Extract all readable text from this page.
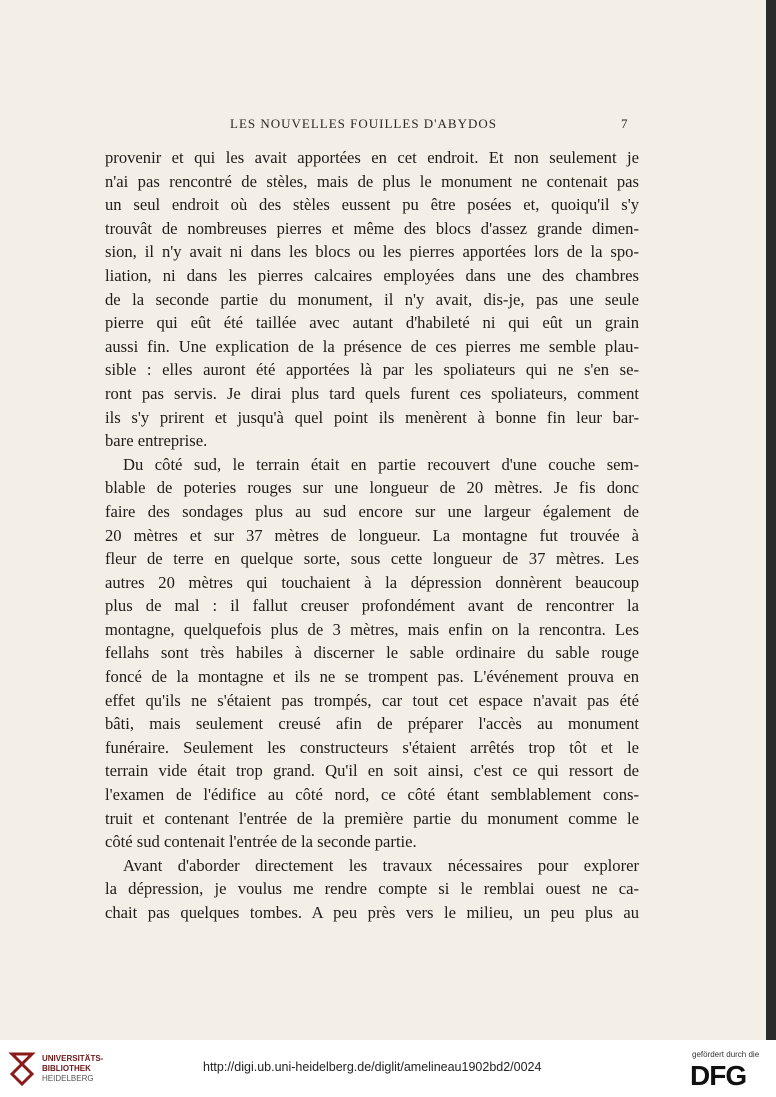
LES NOUVELLES FOUILLES D'ABYDOS	7
provenir et qui les avait apportées en cet endroit. Et non seulement je
n'ai pas rencontré de stèles, mais de plus le monument ne contenait pas
un seul endroit où des stèles eussent pu être posées et, quoiqu'il s'y
trouvât de nombreuses pierres et même des blocs d'assez grande dimen-
sion, il n'y avait ni dans les blocs ou les pierres apportées lors de la spo-
liation, ni dans les pierres calcaires employées dans une des chambres
de la seconde partie du monument, il n'y avait, dis-je, pas une seule
pierre qui eût été taillée avec autant d'habileté ni qui eût un grain
aussi fin. Une explication de la présence de ces pierres me semble plau-
sible : elles auront été apportées là par les spoliateurs qui ne s'en se-
ront pas servis. Je dirai plus tard quels furent ces spoliateurs, comment
ils s'y prirent et jusqu'à quel point ils menèrent à bonne fin leur bar-
bare entreprise.
Du côté sud, le terrain était en partie recouvert d'une couche sem-
blable de poteries rouges sur une longueur de 20 mètres. Je fis donc
faire des sondages plus au sud encore sur une largeur également de
20 mètres et sur 37 mètres de longueur. La montagne fut trouvée à
fleur de terre en quelque sorte, sous cette longueur de 37 mètres. Les
autres 20 mètres qui touchaient à la dépression donnèrent beaucoup
plus de mal : il fallut creuser profondément avant de rencontrer la
montagne, quelquefois plus de 3 mètres, mais enfin on la rencontra. Les
fellahs sont très habiles à discerner le sable ordinaire du sable rouge
foncé de la montagne et ils ne se trompent pas. L'événement prouva en
effet qu'ils ne s'étaient pas trompés, car tout cet espace n'avait pas été
bâti, mais seulement creusé afin de préparer l'accès au monument
funéraire. Seulement les constructeurs s'étaient arrêtés trop tôt et le
terrain vide était trop grand. Qu'il en soit ainsi, c'est ce qui ressort de
l'examen de l'édifice au côté nord, ce côté étant semblablement cons-
truit et contenant l'entrée de la première partie du monument comme le
côté sud contenait l'entrée de la seconde partie.
Avant d'aborder directement les travaux nécessaires pour explorer
la dépression, je voulus me rendre compte si le remblai ouest ne ca-
chait pas quelques tombes. A peu près vers le milieu, un peu plus au
UNIVERSITÄTS-
BIBLIOTHEK
HEIDELBERG
http://digi.ub.uni-heidelberg.de/diglit/amelineau1902bd2/0024
gefördert durch die
DFG
